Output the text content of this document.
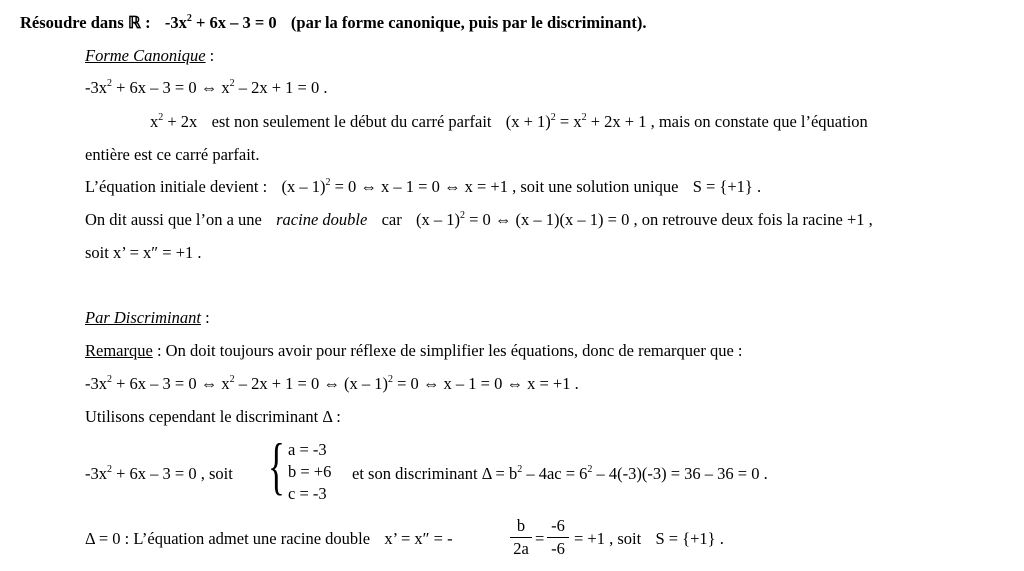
Résoudre dans ℝ : $-3x^2 + 6x - 3 = 0$ (par la forme canonique, puis par le discriminant).
Forme Canonique :
$-3x^2 + 6x - 3 = 0$ ⇔ $x^2 - 2x + 1 = 0$ .
$x^2 + 2x$ est non seulement le début du carré parfait $(x + 1)^2 = x^2 + 2x + 1$ , mais on constate que l’équation
entière est ce carré parfait.
L’équation initiale devient : (x – 1)$^2$ = 0 ⇔ x – 1 = 0 ⇔ x = +1 , soit une solution unique S = {+1} .
On dit aussi que l’on a une racine double car (x – 1)$^2$ = 0 ⇔ (x – 1)(x – 1) = 0 , on retrouve deux fois la racine +1 ,
soit x’ = x″ = +1 .
Par Discriminant :
Remarque : On doit toujours avoir pour réflexe de simplifier les équations, donc de remarquer que :
$-3x^2 + 6x - 3 = 0$ ⇔ $x^2 - 2x + 1 = 0$ ⇔ (x – 1)$^2$ = 0 ⇔ x – 1 = 0 ⇔ x = +1 .
Utilisons cependant le discriminant Δ :
$-3x^2 + 6x - 3 = 0$ , soit { a = -3
b = +6
c = -3
et son discriminant $\Delta = b^2 - 4ac = 6^2 - 4(-3)(-3) = 36 - 36 = 0$ .
Δ = 0 : L’équation admet une racine double x’ = x″ = -
b
2a
=
-6
-6
= +1 , soit S = {+1} .
